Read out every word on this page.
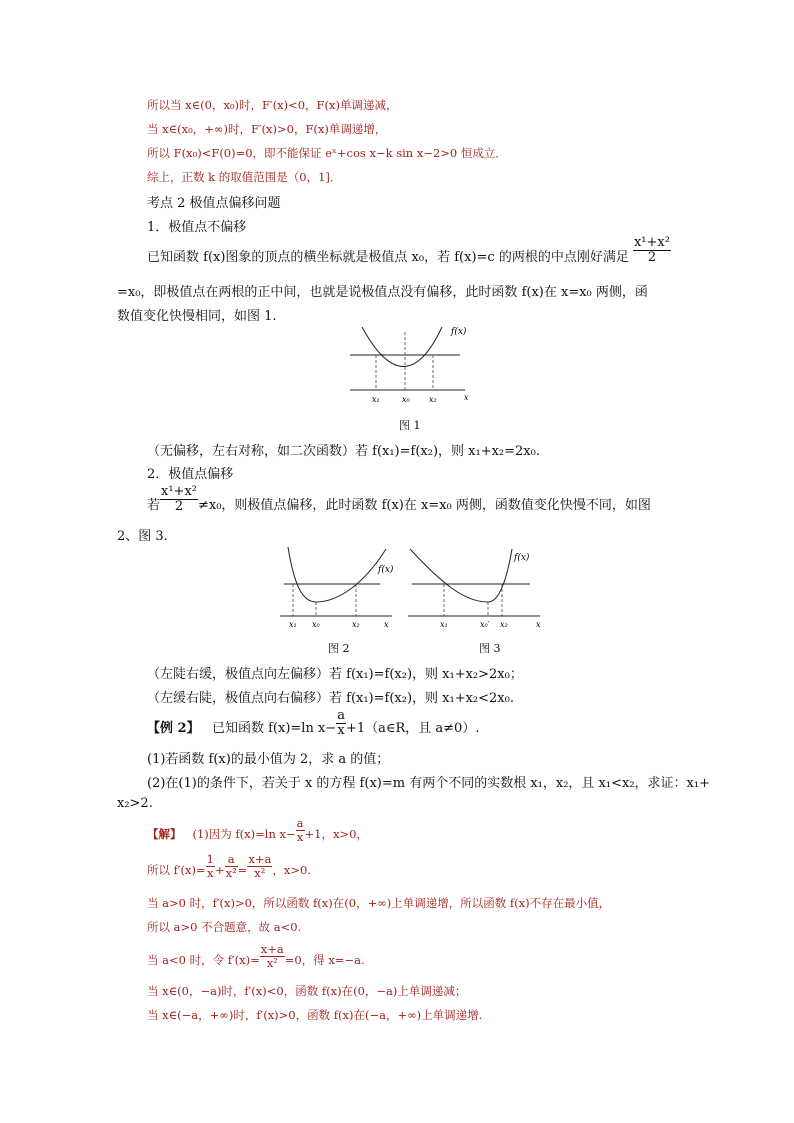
所以当 x∈(0，x₀)时，F′(x)<0，F(x)单调递减，
当 x∈(x₀，+∞)时，F′(x)>0，F(x)单调递增，
所以 F(x₀)<F(0)=0，即不能保证 eˣ+cos x−k sin x−2>0 恒成立．
综上，正数 k 的取值范围是（0，1]．
考点 2 极值点偏移问题
1．极值点不偏移
已知函数 f(x)图象的顶点的横坐标就是极值点 x₀，若 f(x)=c 的两根的中点刚好满足 $\frac{\text{x¹+x²}}{2}$
=x₀，即极值点在两根的正中间，也就是说极值点没有偏移，此时函数 f(x)在 x=x₀ 两侧，函
数值变化快慢相同，如图 1.
f(x)
x₁	x₀ x₂	x
图 1
（无偏移，左右对称，如二次函数）若 f(x₁)=f(x₂)，则 x₁+x₂=2x₀.
2．极值点偏移
若 $\frac{\text{x¹+x²}}{2} \ne x_0$，则极值点偏移，此时函数 f(x)在 x=x₀ 两侧，函数值变化快慢不同，如图
2、图 3.
f(x)
x₁ x₀	x₂	x
f(x)
x₁	x₀′ x₂	x
图 2	图 3
（左陡右缓，极值点向左偏移）若 f(x₁)=f(x₂)，则 x₁+x₂>2x₀；
（左缓右陡，极值点向右偏移）若 f(x₁)=f(x₂)，则 x₁+x₂<2x₀.
【例 2】 已知函数 f(x)=ln $x- \frac{a}{x}$ +1（a∈R，且 a≠0）.
(1)若函数 f(x)的最小值为 2，求 a 的值；
(2)在(1)的条件下，若关于 x 的方程 f(x)=m 有两个不同的实数根 x₁，x₂，且 x₁<x₂，求证：x₁+
x₂>2.
【解】 (1)因为 f(x)=ln $x- \frac{a}{x} +1$，x>0，
所以 $f'(x)= \frac{1}{x} + \frac{a}{\text{x²}} = \frac{x+a}{\text{x²}}$ ，x>0.
当 a>0 时，f′(x)>0，所以函数 f(x)在(0，+∞)上单调递增，所以函数 f(x)不存在最小值，
所以 a>0 不合题意，故 a<0.
当 a<0 时，令 $f'(x)= \frac{x+a}{\text{x²}} =0$，得 x=−a.
当 x∈(0，−a)时，f′(x)<0，函数 f(x)在(0，−a)上单调递减；
当 x∈(−a，+∞)时，f′(x)>0，函数 f(x)在(−a，+∞)上单调递增.
